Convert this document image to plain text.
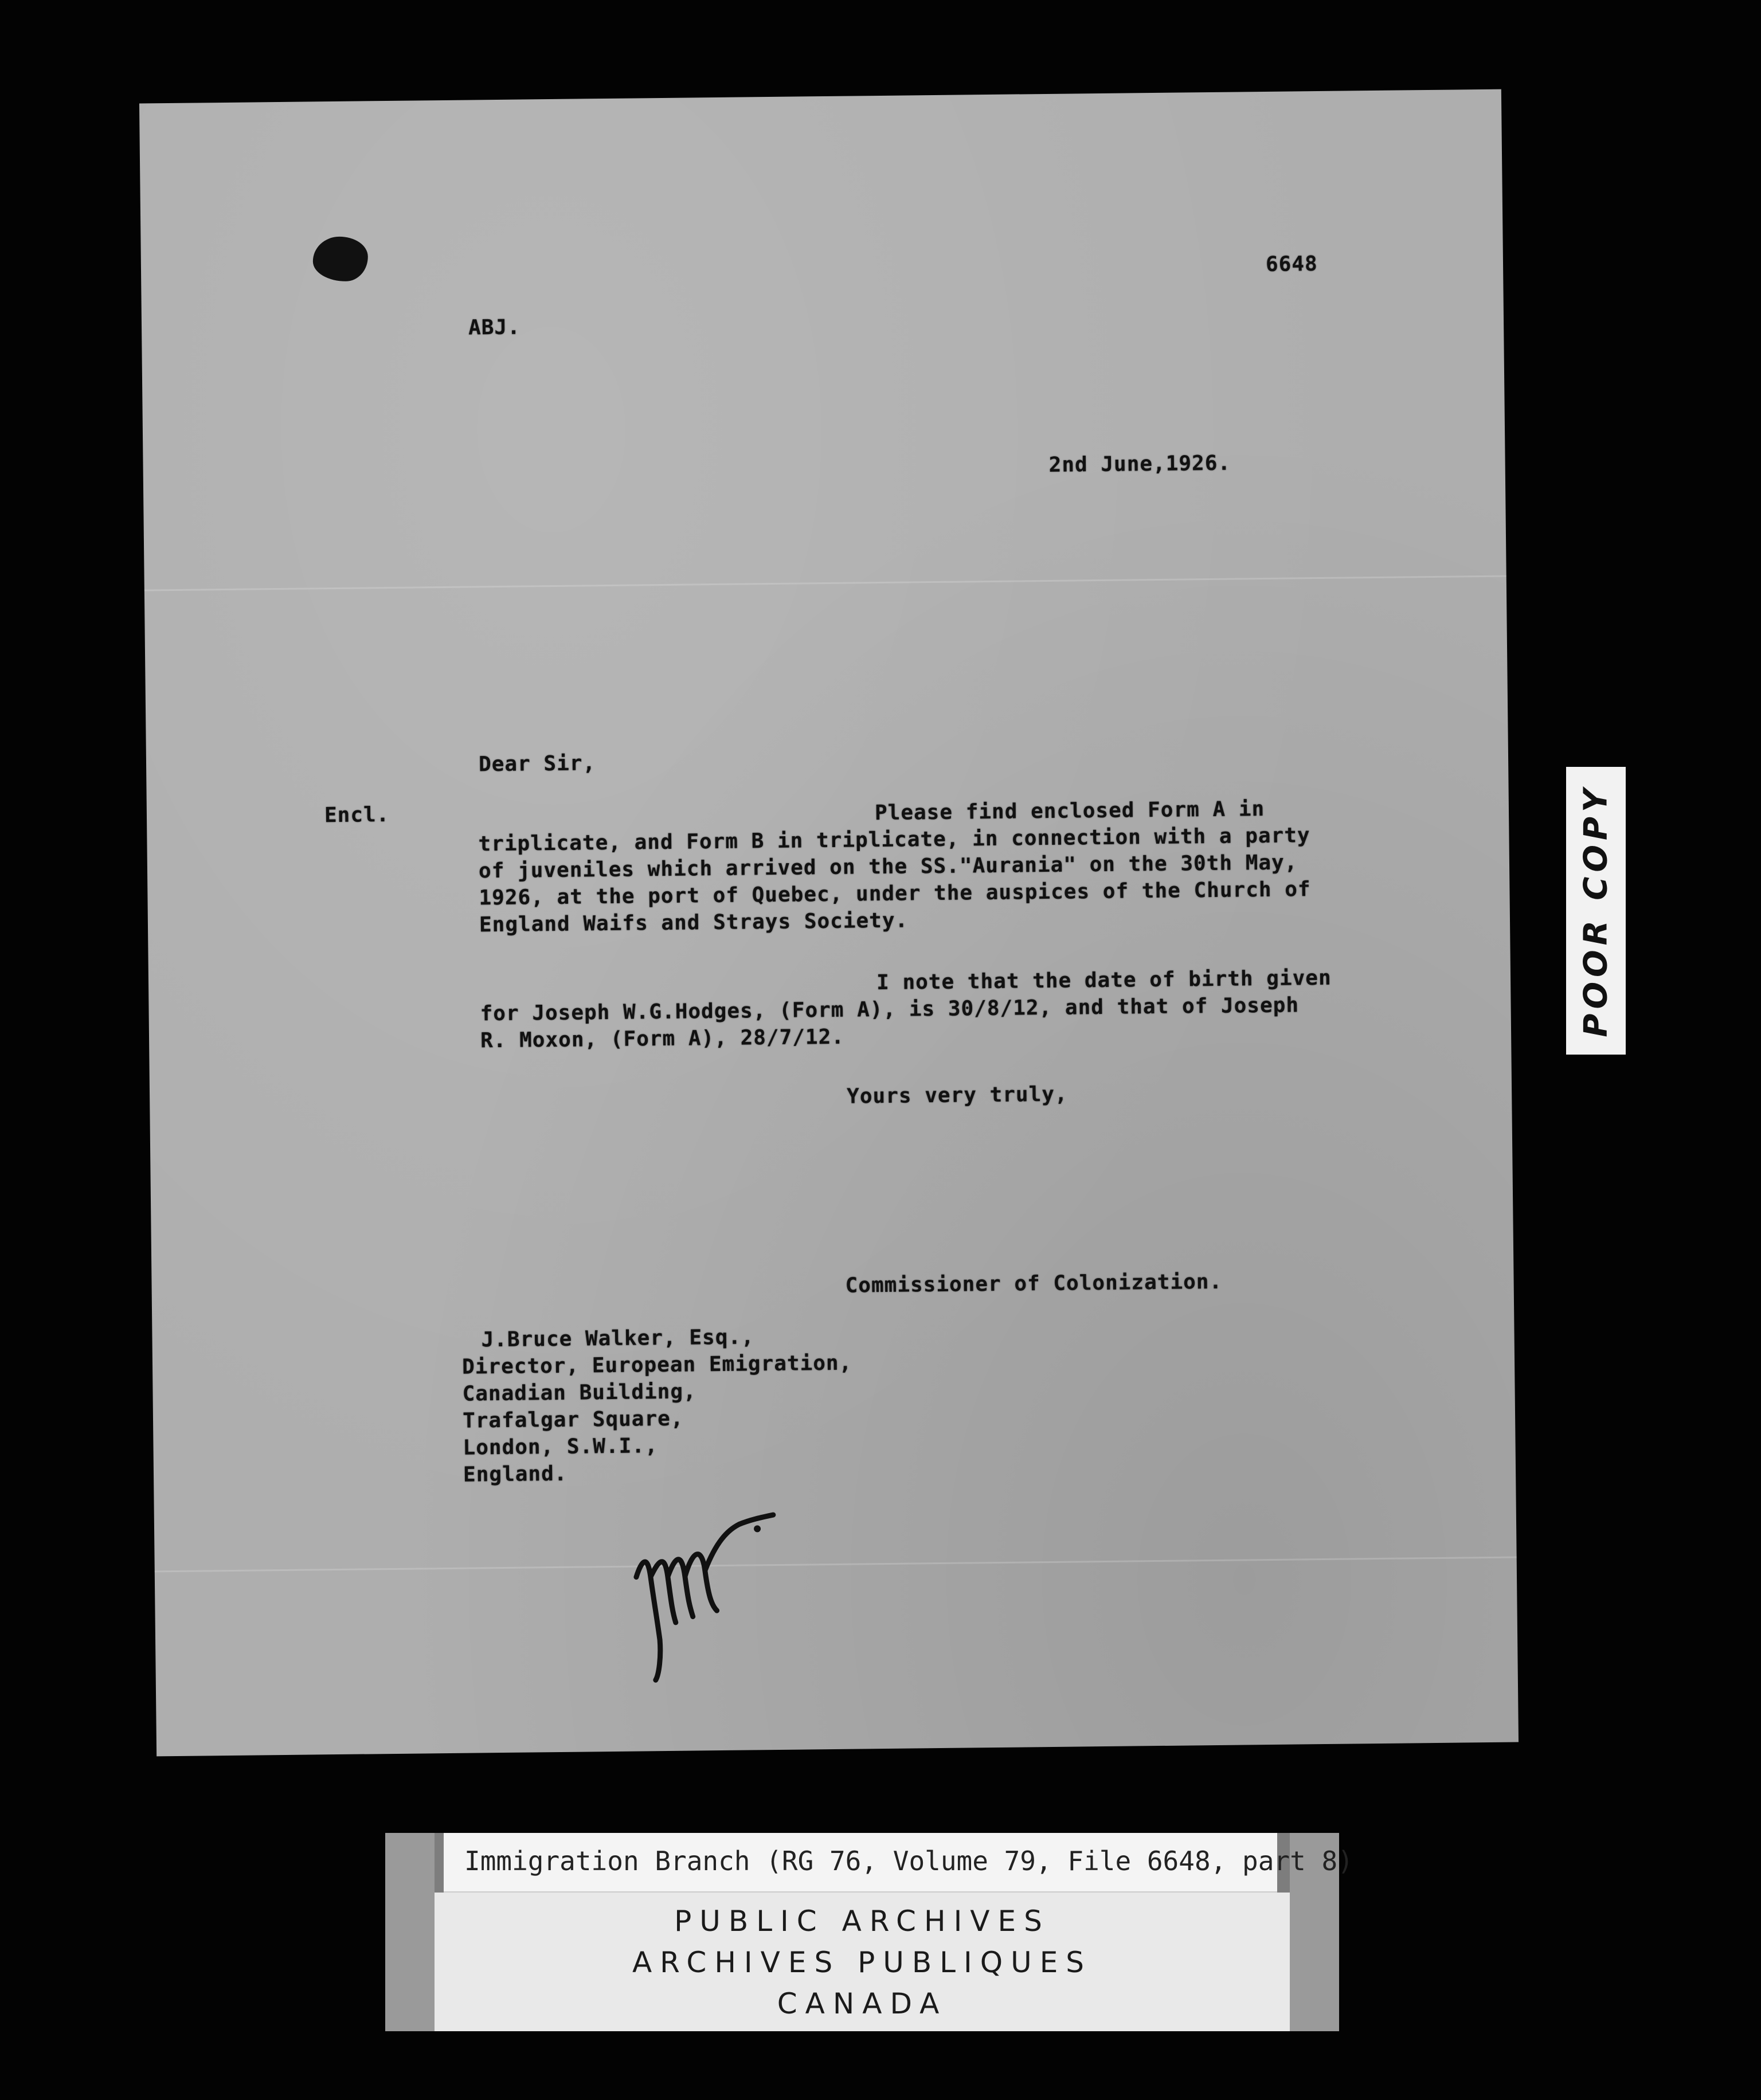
6648
ABJ.
2nd June,1926.
Dear Sir,
Encl.	Please find enclosed Form A in
triplicate, and Form B in triplicate, in connection with a party
of juveniles which arrived on the SS."Aurania" on the 30th May,
1926, at the port of Quebec, under the auspices of the Church of
England Waifs and Strays Society.
I note that the date of birth given
for Joseph W.G.Hodges, (Form A), is 30/8/12, and that of Joseph
R. Moxon, (Form A), 28/7/12.
Yours very truly,
Commissioner of Colonization.
J.Bruce Walker, Esq.,
Director, European Emigration,
Canadian Building,
Trafalgar Square,
London, S.W.I.,
England.
POOR COPY
Immigration Branch (RG 76, Volume 79, File 6648, part 8)
PUBLIC ARCHIVES
ARCHIVES PUBLIQUES
CANADA
